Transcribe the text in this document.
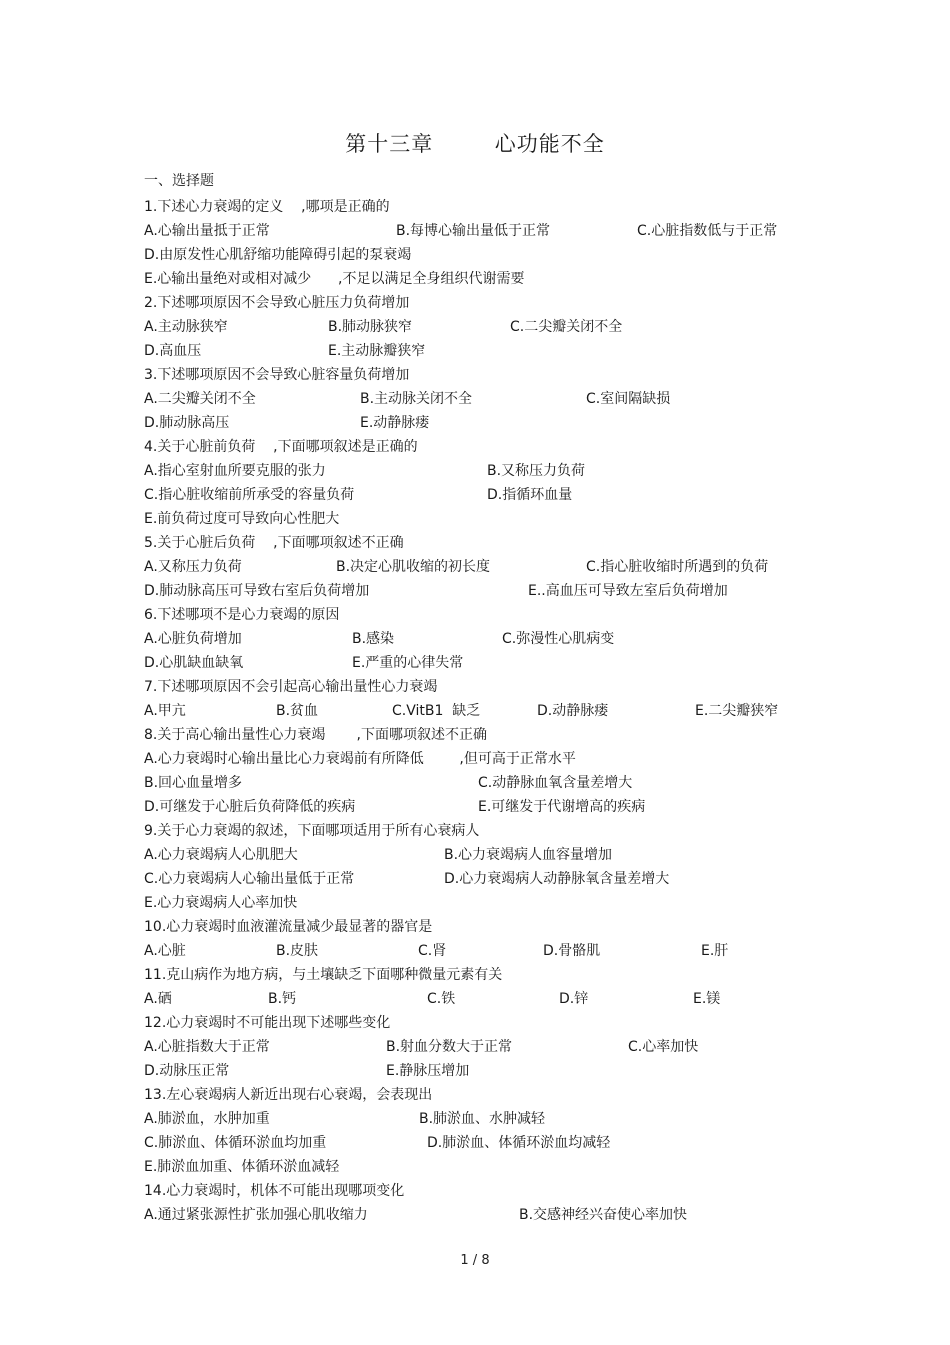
第十三章        心功能不全
一、选择题
1.下述心力衰竭的定义    ,哪项是正确的
A.心输出量抵于正常	B.每博心输出量低于正常	C.心脏指数低与于正常
D.由原发性心肌舒缩功能障碍引起的泵衰竭
E.心输出量绝对或相对减少      ,不足以满足全身组织代谢需要
2.下述哪项原因不会导致心脏压力负荷增加
A.主动脉狭窄	B.肺动脉狭窄	C.二尖瓣关闭不全
D.高血压	E.主动脉瓣狭窄
3.下述哪项原因不会导致心脏容量负荷增加
A.二尖瓣关闭不全	B.主动脉关闭不全	C.室间隔缺损
D.肺动脉高压	E.动静脉瘘
4.关于心脏前负荷    ,下面哪项叙述是正确的
A.指心室射血所要克服的张力	B.又称压力负荷
C.指心脏收缩前所承受的容量负荷	D.指循环血量
E.前负荷过度可导致向心性肥大
5.关于心脏后负荷    ,下面哪项叙述不正确
A.又称压力负荷	B.决定心肌收缩的初长度	C.指心脏收缩时所遇到的负荷
D.肺动脉高压可导致右室后负荷增加	E..高血压可导致左室后负荷增加
6.下述哪项不是心力衰竭的原因
A.心脏负荷增加	B.感染	C.弥漫性心肌病变
D.心肌缺血缺氧	E.严重的心律失常
7.下述哪项原因不会引起高心输出量性心力衰竭
A.甲亢	B.贫血	C.VitB1  缺乏	D.动静脉瘘	E.二尖瓣狭窄
8.关于高心输出量性心力衰竭       ,下面哪项叙述不正确
A.心力衰竭时心输出量比心力衰竭前有所降低        ,但可高于正常水平
B.回心血量增多	C.动静脉血氧含量差增大
D.可继发于心脏后负荷降低的疾病	E.可继发于代谢增高的疾病
9.关于心力衰竭的叙述，下面哪项适用于所有心衰病人
A.心力衰竭病人心肌肥大	B.心力衰竭病人血容量增加
C.心力衰竭病人心输出量低于正常	D.心力衰竭病人动静脉氧含量差增大
E.心力衰竭病人心率加快
10.心力衰竭时血液灌流量减少最显著的器官是
A.心脏	B.皮肤	C.肾	D.骨骼肌	E.肝
11.克山病作为地方病，与土壤缺乏下面哪种微量元素有关
A.硒	B.钙	C.铁	D.锌	E.镁
12.心力衰竭时不可能出现下述哪些变化
A.心脏指数大于正常	B.射血分数大于正常	C.心率加快
D.动脉压正常	E.静脉压增加
13.左心衰竭病人新近出现右心衰竭，会表现出
A.肺淤血，水肿加重	B.肺淤血、水肿减轻
C.肺淤血、体循环淤血均加重	D.肺淤血、体循环淤血均减轻
E.肺淤血加重、体循环淤血减轻
14.心力衰竭时，机体不可能出现哪项变化
A.通过紧张源性扩张加强心肌收缩力	B.交感神经兴奋使心率加快
1 / 8
